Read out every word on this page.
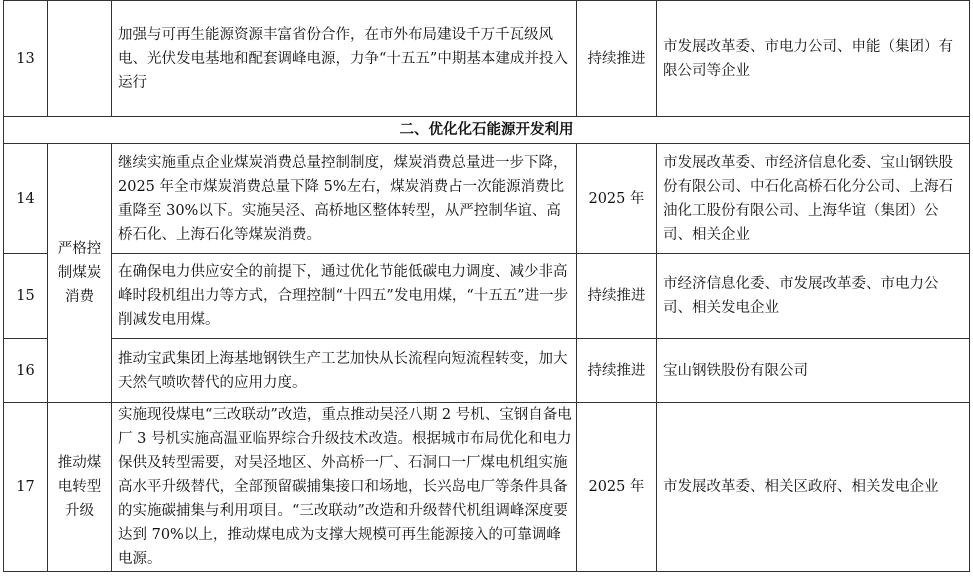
13		加强与可再生能源资源丰富省份合作，在市外布局建设千万千瓦级风电、光伏发电基地和配套调峰电源，力争“十五五”中期基本建成并投入运行	持续推进	市发展改革委、市电力公司、申能（集团）有限公司等企业
二、优化化石能源开发利用				
14	严格控制煤炭消费	继续实施重点企业煤炭消费总量控制制度，煤炭消费总量进一步下降，2025 年全市煤炭消费总量下降 5%左右，煤炭消费占一次能源消费比重降至 30%以下。实施吴泾、高桥地区整体转型，从严控制华谊、高桥石化、上海石化等煤炭消费。	2025 年	市发展改革委、市经济信息化委、宝山钢铁股份有限公司、中石化高桥石化分公司、上海石油化工股份有限公司、上海华谊（集团）公司、相关企业
15		在确保电力供应安全的前提下，通过优化节能低碳电力调度、减少非高峰时段机组出力等方式，合理控制“十四五”发电用煤，“十五五”进一步削减发电用煤。	持续推进	市经济信息化委、市发展改革委、市电力公司、相关发电企业
16		推动宝武集团上海基地钢铁生产工艺加快从长流程向短流程转变，加大天然气喷吹替代的应用力度。	持续推进	宝山钢铁股份有限公司
17	推动煤电转型升级	实施现役煤电“三改联动”改造，重点推动吴泾八期 2 号机、宝钢自备电厂 3 号机实施高温亚临界综合升级技术改造。根据城市布局优化和电力保供及转型需要，对吴泾地区、外高桥一厂、石洞口一厂煤电机组实施高水平升级替代，全部预留碳捕集接口和场地，长兴岛电厂等条件具备的实施碳捕集与利用项目。“三改联动”改造和升级替代机组调峰深度要达到 70%以上，推动煤电成为支撑大规模可再生能源接入的可靠调峰电源。	2025 年	市发展改革委、相关区政府、相关发电企业
